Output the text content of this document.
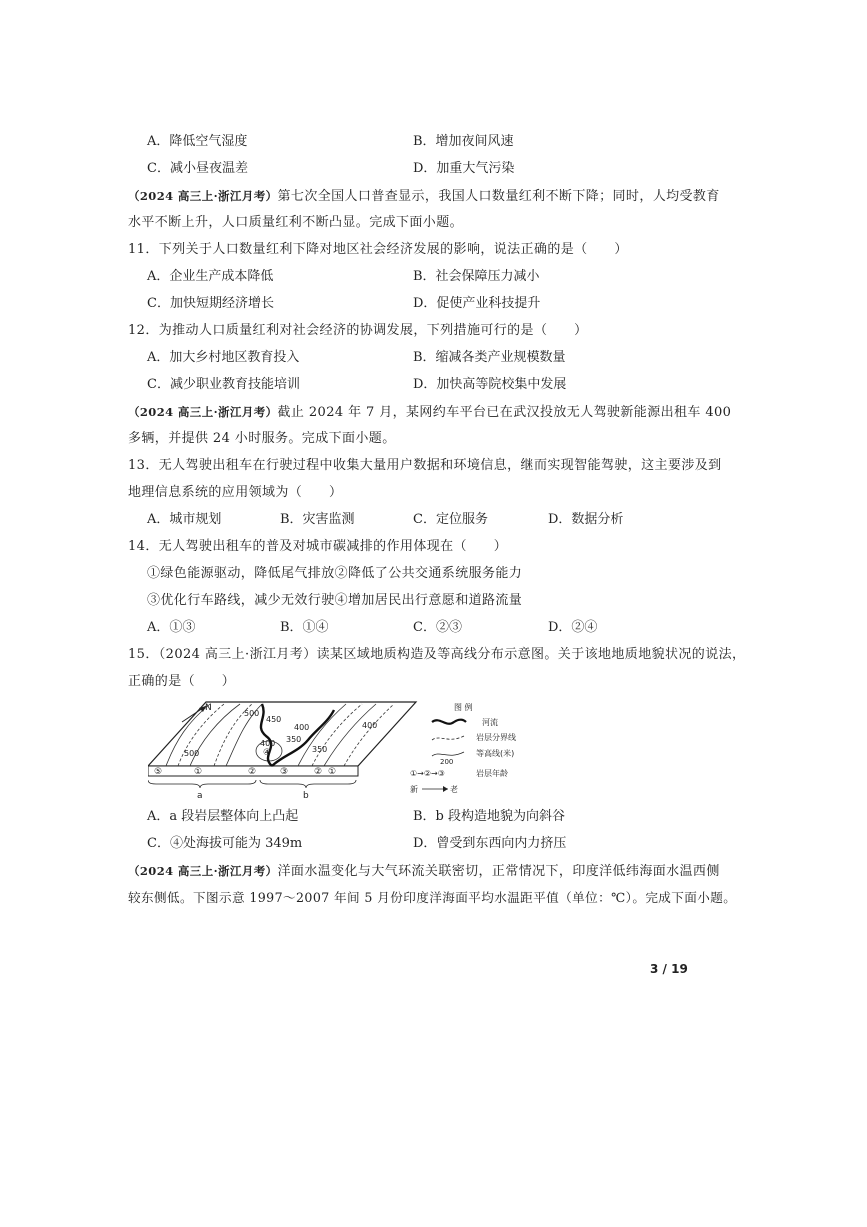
A．降低空气湿度	B．增加夜间风速
C．减小昼夜温差	D．加重大气污染
（2024 高三上·浙江月考）第七次全国人口普查显示，我国人口数量红利不断下降；同时，人均受教育
水平不断上升，人口质量红利不断凸显。完成下面小题。
11．下列关于人口数量红利下降对地区社会经济发展的影响，说法正确的是（　　）
A．企业生产成本降低	B．社会保障压力减小
C．加快短期经济增长	D．促使产业科技提升
12．为推动人口质量红利对社会经济的协调发展，下列措施可行的是（　　）
A．加大乡村地区教育投入	B．缩减各类产业规模数量
C．减少职业教育技能培训	D．加快高等院校集中发展
（2024 高三上·浙江月考）截止 2024 年 7 月，某网约车平台已在武汉投放无人驾驶新能源出租车 400
多辆，并提供 24 小时服务。完成下面小题。
13．无人驾驶出租车在行驶过程中收集大量用户数据和环境信息，继而实现智能驾驶，这主要涉及到
地理信息系统的应用领域为（　　）
A．城市规划	B．灾害监测	C．定位服务	D．数据分析
14．无人驾驶出租车的普及对城市碳减排的作用体现在（　　）
①绿色能源驱动，降低尾气排放②降低了公共交通系统服务能力
③优化行车路线，减少无效行驶④增加居民出行意愿和道路流量
A．①③	B．①④	C．②③	D．②④
15．（2024 高三上·浙江月考）读某区域地质构造及等高线分布示意图。关于该地地质地貌状况的说法，
正确的是（　　）
N
500
450
400
400
350
350
400
500
⑤	①	②	③	② ①
④
a	b
图 例
河流
岩层分界线
200
等高线(米)
①→②→③	岩层年龄
新	老
A．a 段岩层整体向上凸起	B．b 段构造地貌为向斜谷
C．④处海拔可能为 349m	D．曾受到东西向内力挤压
（2024 高三上·浙江月考）洋面水温变化与大气环流关联密切，正常情况下，印度洋低纬海面水温西侧
较东侧低。下图示意 1997～2007 年间 5 月份印度洋海面平均水温距平值（单位：℃）。完成下面小题。
3 / 19
